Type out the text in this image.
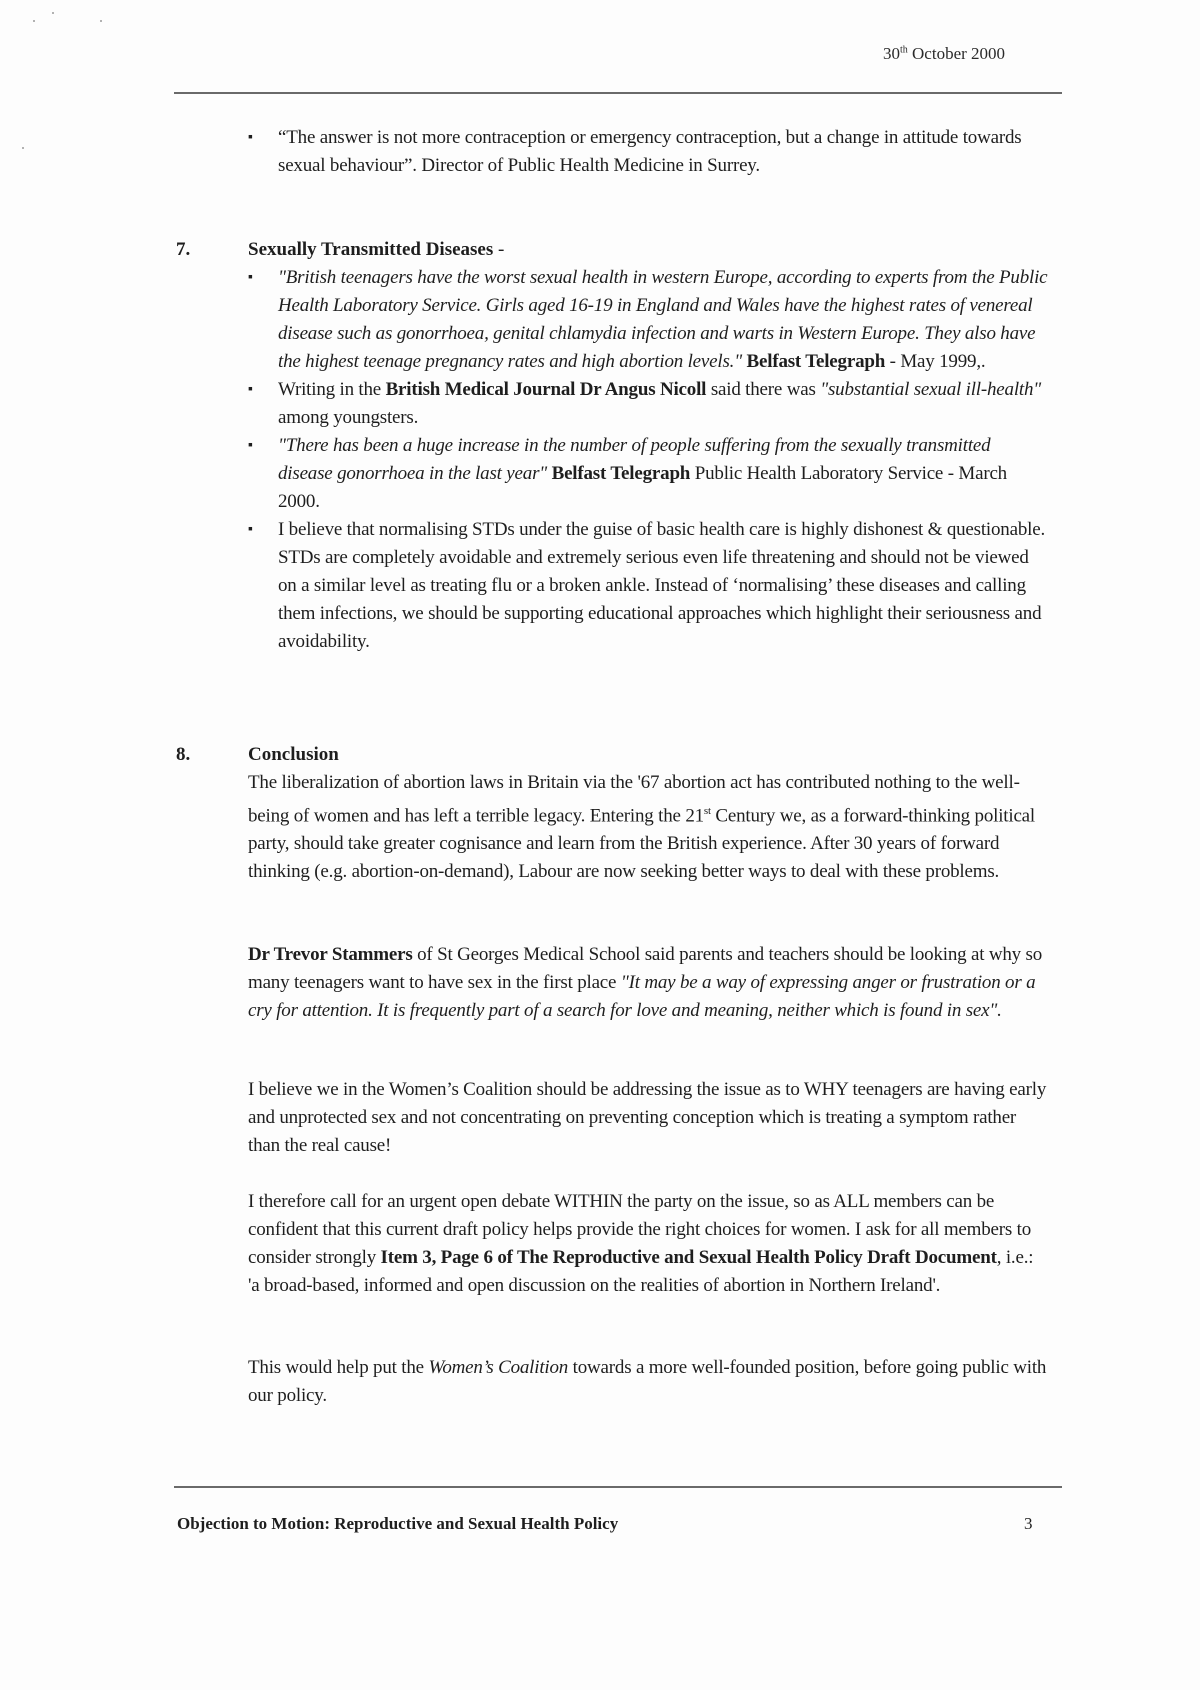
30th October 2000
▪ “The answer is not more contraception or emergency contraception, but a change in attitude towards sexual behaviour”. Director of Public Health Medicine in Surrey.
7.	Sexually Transmitted Diseases -
▪ "British teenagers have the worst sexual health in western Europe, according to experts from the Public Health Laboratory Service. Girls aged 16-19 in England and Wales have the highest rates of venereal disease such as gonorrhoea, genital chlamydia infection and warts in Western Europe. They also have the highest teenage pregnancy rates and high abortion levels." Belfast Telegraph - May 1999,.
▪ Writing in the British Medical Journal Dr Angus Nicoll said there was "substantial sexual ill-health" among youngsters.
▪ "There has been a huge increase in the number of people suffering from the sexually transmitted disease gonorrhoea in the last year" Belfast Telegraph Public Health Laboratory Service - March 2000.
▪ I believe that normalising STDs under the guise of basic health care is highly dishonest & questionable. STDs are completely avoidable and extremely serious even life threatening and should not be viewed on a similar level as treating flu or a broken ankle. Instead of ‘normalising’ these diseases and calling them infections, we should be supporting educational approaches which highlight their seriousness and avoidability.
8.	Conclusion

The liberalization of abortion laws in Britain via the '67 abortion act has contributed nothing to the well-being of women and has left a terrible legacy. Entering the 21st Century we, as a forward-thinking political party, should take greater cognisance and learn from the British experience. After 30 years of forward thinking (e.g. abortion-on-demand), Labour are now seeking better ways to deal with these problems.

Dr Trevor Stammers of St Georges Medical School said parents and teachers should be looking at why so many teenagers want to have sex in the first place "It may be a way of expressing anger or frustration or a cry for attention. It is frequently part of a search for love and meaning, neither which is found in sex".

I believe we in the Women’s Coalition should be addressing the issue as to WHY teenagers are having early and unprotected sex and not concentrating on preventing conception which is treating a symptom rather than the real cause!

I therefore call for an urgent open debate WITHIN the party on the issue, so as ALL members can be confident that this current draft policy helps provide the right choices for women. I ask for all members to consider strongly Item 3, Page 6 of The Reproductive and Sexual Health Policy Draft Document, i.e.: 'a broad-based, informed and open discussion on the realities of abortion in Northern Ireland'.

This would help put the Women’s Coalition towards a more well-founded position, before going public with our policy.

Objection to Motion: Reproductive and Sexual Health Policy	3
